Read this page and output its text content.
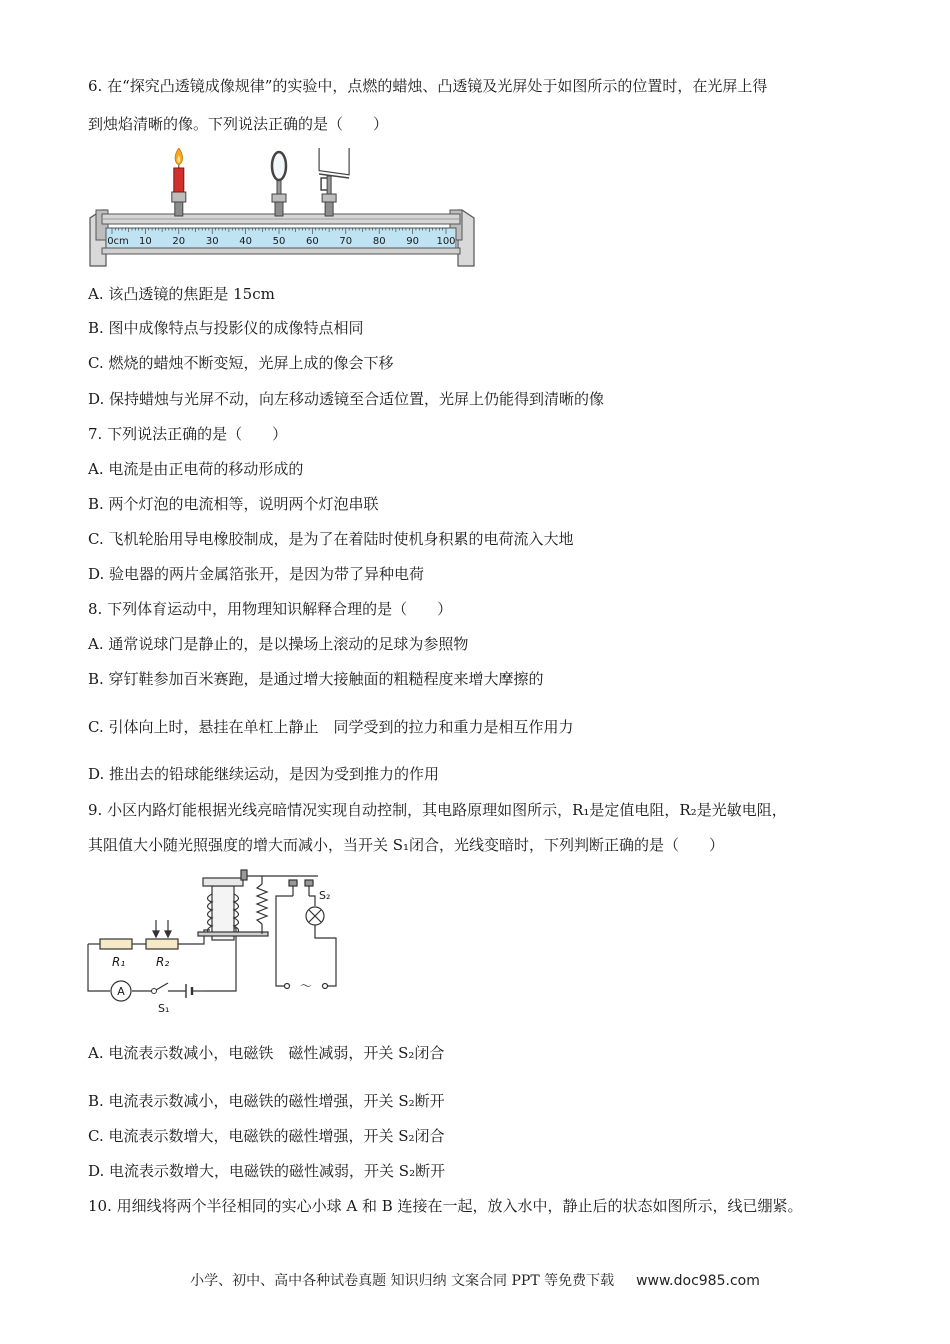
6. 在“探究凸透镜成像规律”的实验中，点燃的蜡烛、凸透镜及光屏处于如图所示的位置时，在光屏上得
到烛焰清晰的像。下列说法正确的是（　　）
0cm 10 20 30 40 50 60 70 80 90 100
A. 该凸透镜的焦距是 15cm
B. 图中成像特点与投影仪的成像特点相同
C. 燃烧的蜡烛不断变短，光屏上成的像会下移
D. 保持蜡烛与光屏不动，向左移动透镜至合适位置，光屏上仍能得到清晰的像
7. 下列说法正确的是（　　）
A. 电流是由正电荷的移动形成的
B. 两个灯泡的电流相等，说明两个灯泡串联
C. 飞机轮胎用导电橡胶制成，是为了在着陆时使机身积累的电荷流入大地
D. 验电器的两片金属箔张开，是因为带了异种电荷
8. 下列体育运动中，用物理知识解释合理的是（　　）
A. 通常说球门是静止的，是以操场上滚动的足球为参照物
B. 穿钉鞋参加百米赛跑，是通过增大接触面的粗糙程度来增大摩擦的
C. 引体向上时，悬挂在单杠上静止　同学受到的拉力和重力是相互作用力
D. 推出去的铅球能继续运动，是因为受到推力的作用
9. 小区内路灯能根据光线亮暗情况实现自动控制，其电路原理如图所示，R₁是定值电阻，R₂是光敏电阻，
其阻值大小随光照强度的增大而减小，当开关 S₁闭合，光线变暗时，下列判断正确的是（　　）
R₁	R₂
A
S₁
S₂
～
A. 电流表示数减小，电磁铁　磁性减弱，开关 S₂闭合
B. 电流表示数减小，电磁铁的磁性增强，开关 S₂断开
C. 电流表示数增大，电磁铁的磁性增强，开关 S₂闭合
D. 电流表示数增大，电磁铁的磁性减弱，开关 S₂断开
10. 用细线将两个半径相同的实心小球 A 和 B 连接在一起，放入水中，静止后的状态如图所示，线已绷紧。
小学、初中、高中各种试卷真题 知识归纳 文案合同 PPT 等免费下载 www.doc985.com
